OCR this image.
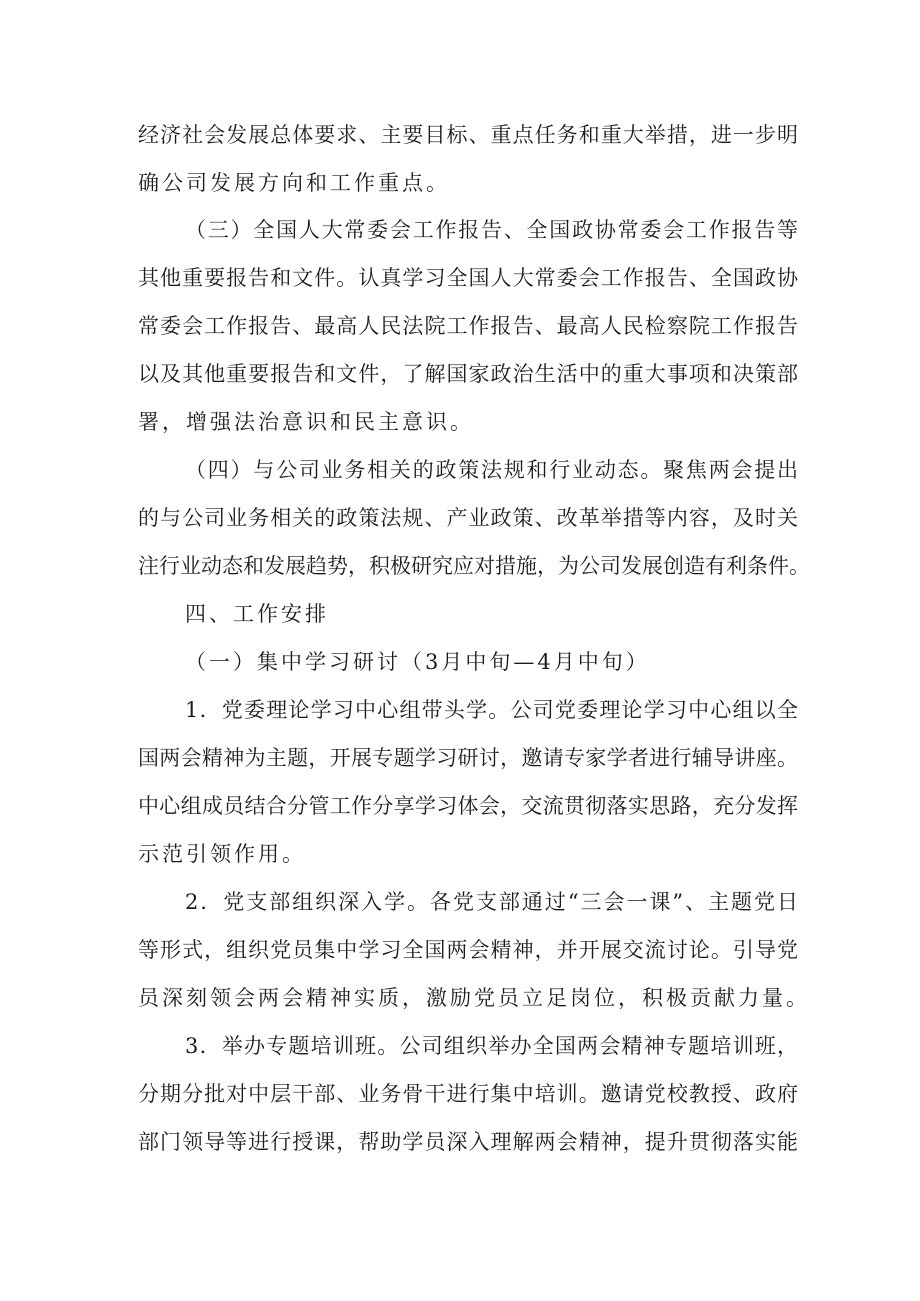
经济社会发展总体要求、主要目标、重点任务和重大举措，进一步明
确公司发展方向和工作重点。
（三）全国人大常委会工作报告、全国政协常委会工作报告等
其他重要报告和文件。认真学习全国人大常委会工作报告、全国政协
常委会工作报告、最高人民法院工作报告、最高人民检察院工作报告
以及其他重要报告和文件，了解国家政治生活中的重大事项和决策部
署，增强法治意识和民主意识。
（四）与公司业务相关的政策法规和行业动态。聚焦两会提出
的与公司业务相关的政策法规、产业政策、改革举措等内容，及时关
注行业动态和发展趋势，积极研究应对措施，为公司发展创造有利条件。
四、工作安排
（一）集中学习研讨（3月中旬—4月中旬）
1．党委理论学习中心组带头学。公司党委理论学习中心组以全
国两会精神为主题，开展专题学习研讨，邀请专家学者进行辅导讲座。
中心组成员结合分管工作分享学习体会，交流贯彻落实思路，充分发挥
示范引领作用。
2．党支部组织深入学。各党支部通过“三会一课”、主题党日
等形式，组织党员集中学习全国两会精神，并开展交流讨论。引导党
员深刻领会两会精神实质，激励党员立足岗位，积极贡献力量。
3．举办专题培训班。公司组织举办全国两会精神专题培训班，
分期分批对中层干部、业务骨干进行集中培训。邀请党校教授、政府
部门领导等进行授课，帮助学员深入理解两会精神，提升贯彻落实能
